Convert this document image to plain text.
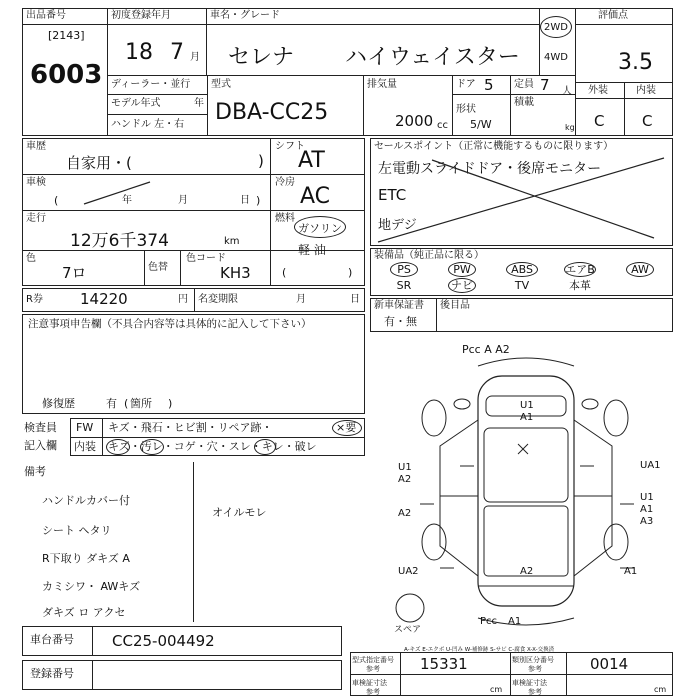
出品番号
[2143]
6003
初度登録年月
18 7 月
車名・グレード
セレナ ハイウェイスター
2WD
4WD
評価点
3.5
ディーラー・並行
モデル年式	年
ハンドル 左・右
型式
DBA-CC25
排気量
2000 cc
ドア 5 定員 7 人
形状
5/W
積載
kg
外装	内装
C	C
車歴
自家用・(	)
車検
(	年	月	日 )
走行
12万6千374	km
色
7ロ	色替
色コード
KH3
シフト
AT
冷房
AC
燃料
ガソリン
軽 油
(	)
R券 14220	円 名変期限	月	日
セールスポイント（正常に機能するものに限ります）
左電動スライドドア・後席モニター
ETC
地デジ
装備品（純正品に限る）
PS	PW	ABS	エアB	AW
SR	ナビ	TV	本革
新車保証書
有・無
後目品
注意事項申告欄（不具合内容等は具体的に記入して下さい）
修復歴	有 ( 箇所 )
検査員
記入欄
FW キズ・飛石・ヒビ割・リペア跡・	×要
内装 キズ・汚レ・コゲ・穴・スレ・キレ・破レ
備考
ハンドルカバー付
シート ヘタリ
R下取り ダキズ A
カミシワ・ AWキズ
ダキズ ロ アクセ
オイルモレ
Pcc A A2
U1
A1
U1
A2
UA1
A2
U1
A1
A3
UA2	A2	A1
Pcc A1
スペア
A-キズ E-エクボ U-凹み W-補修跡 S-サビ C-腐食 X-X-交換済
車台番号	CC25-004492
登録番号
型式指定番号
参考	15331	類別区分番号
参考	0014
車検証寸法
参考	cm
車検証寸法
参考	cm
